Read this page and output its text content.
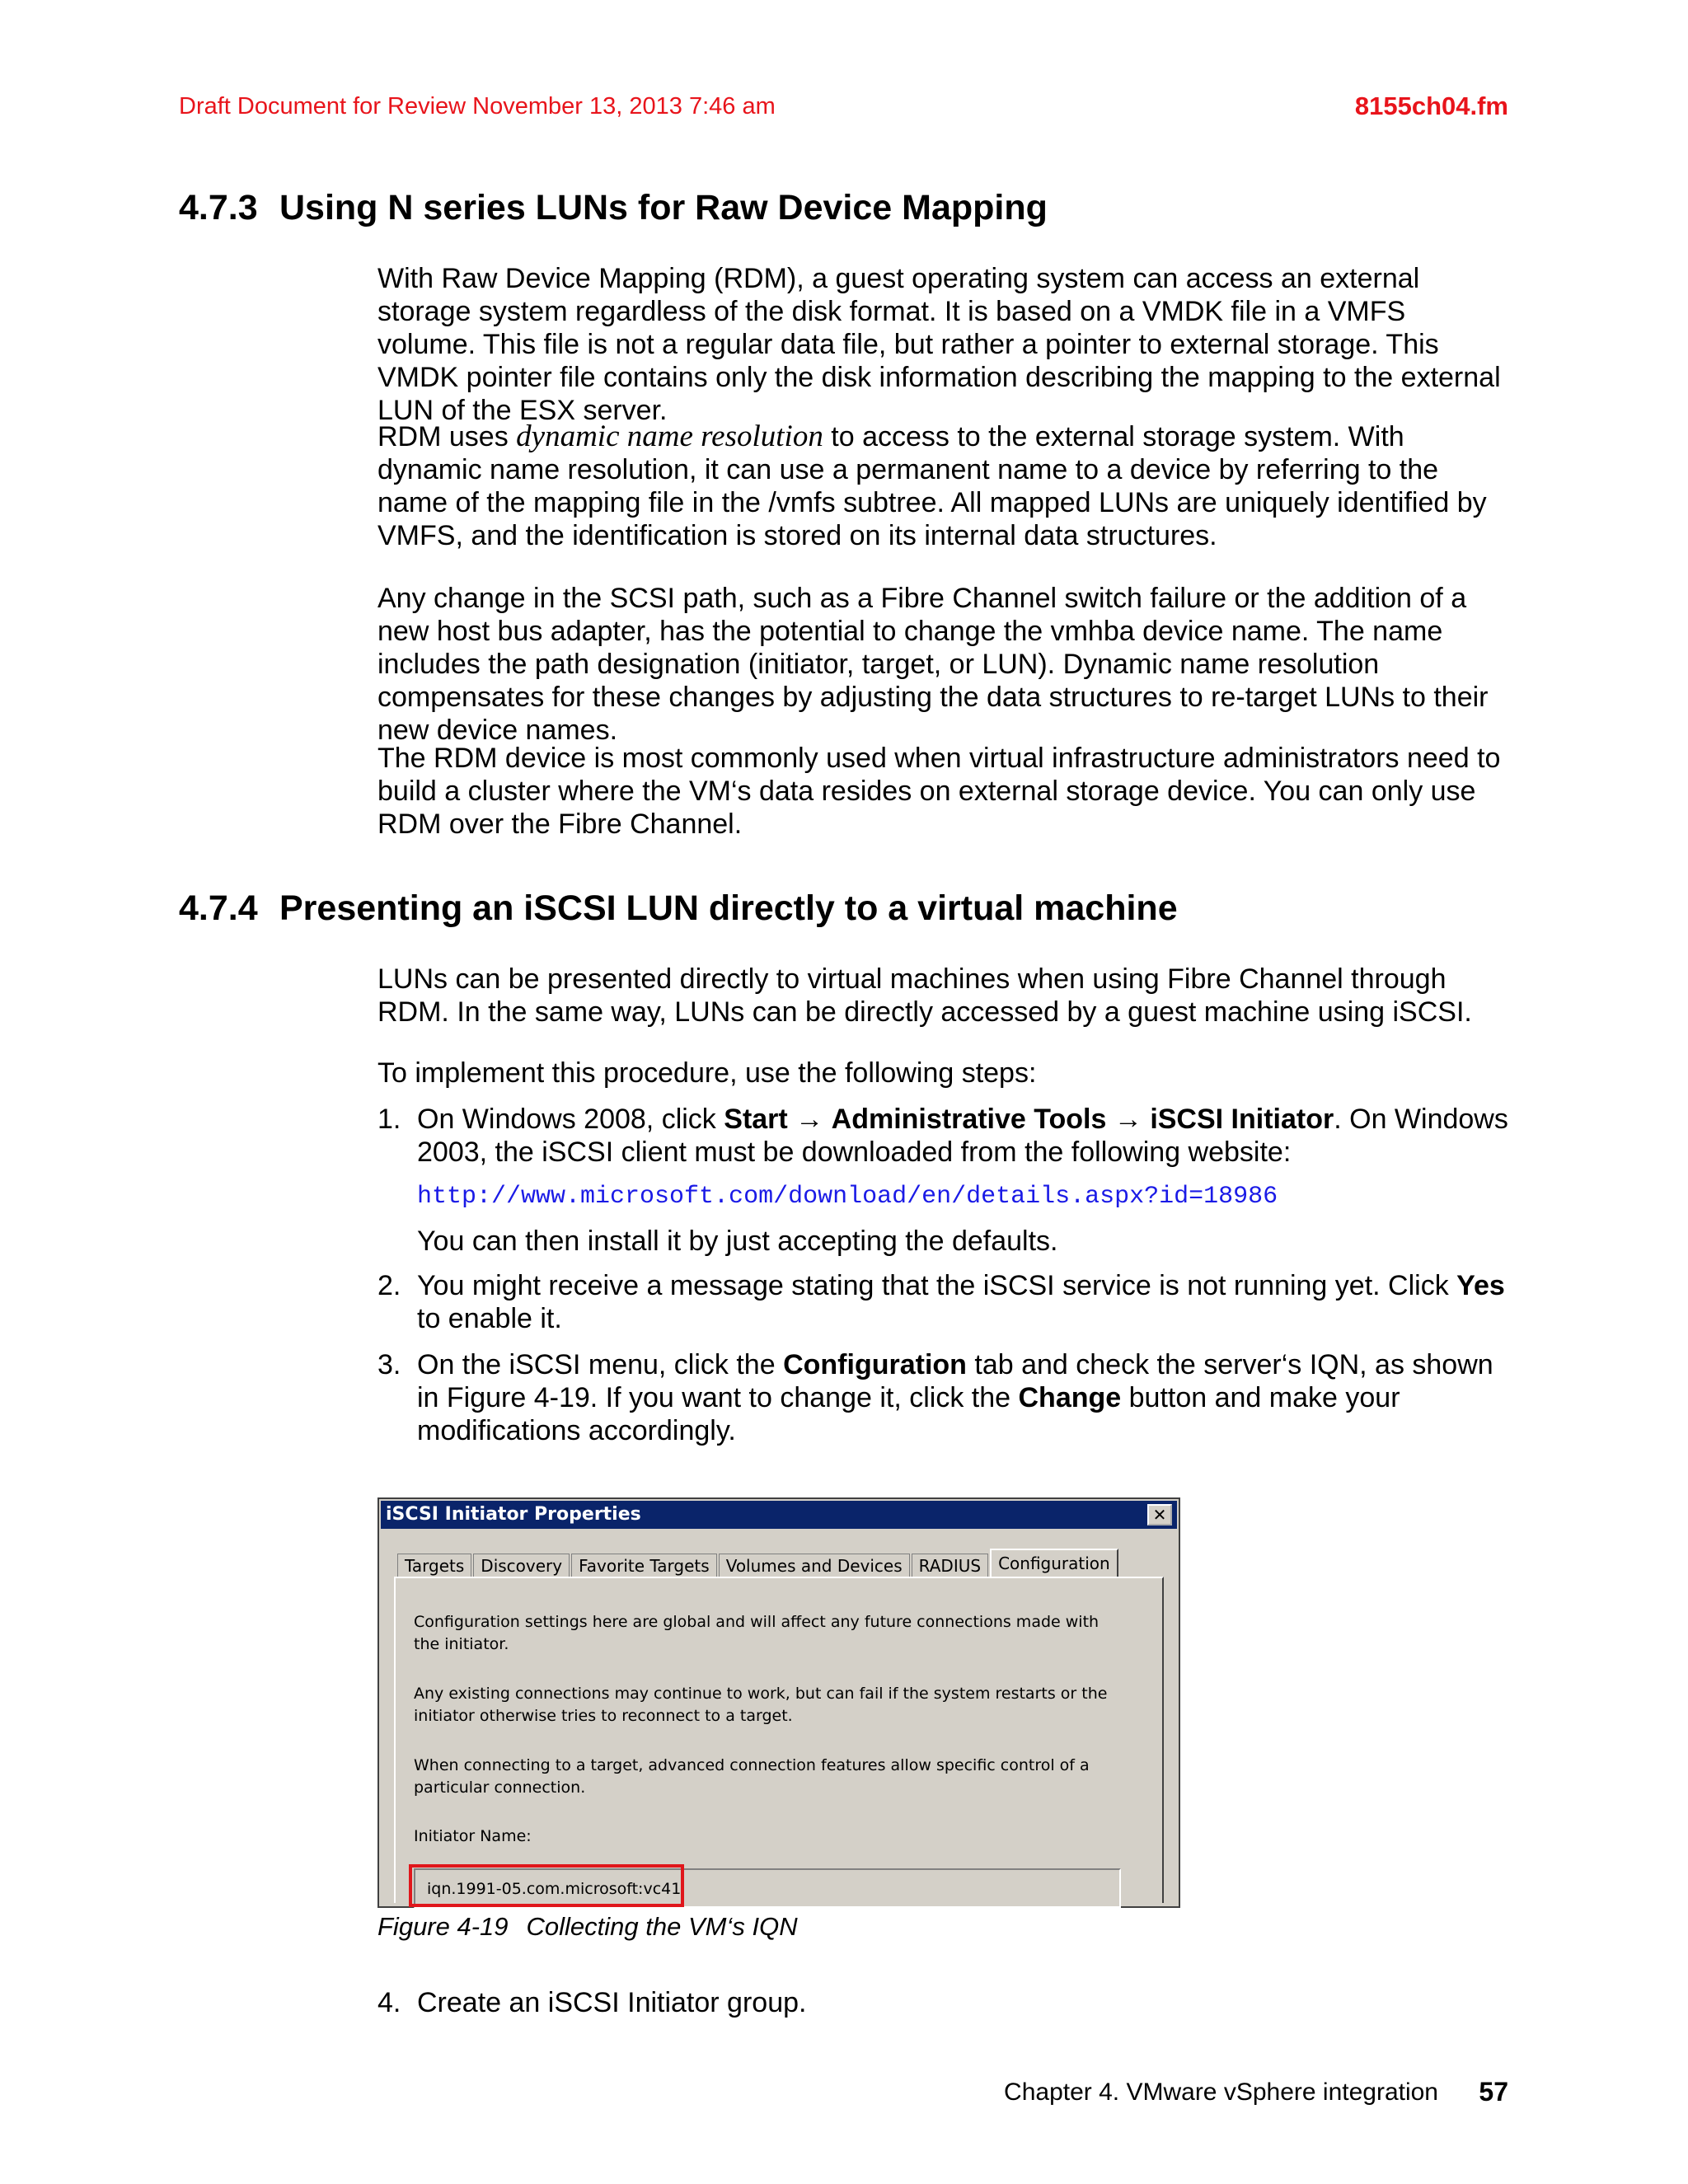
Draft Document for Review November 13, 2013 7:46 am	8155ch04.fm
4.7.3 Using N series LUNs for Raw Device Mapping

With Raw Device Mapping (RDM), a guest operating system can access an external storage system regardless of the disk format. It is based on a VMDK file in a VMFS volume. This file is not a regular data file, but rather a pointer to external storage. This VMDK pointer file contains only the disk information describing the mapping to the external LUN of the ESX server.

RDM uses dynamic name resolution to access to the external storage system. With dynamic name resolution, it can use a permanent name to a device by referring to the name of the mapping file in the /vmfs subtree. All mapped LUNs are uniquely identified by VMFS, and the identification is stored on its internal data structures.

Any change in the SCSI path, such as a Fibre Channel switch failure or the addition of a new host bus adapter, has the potential to change the vmhba device name. The name includes the path designation (initiator, target, or LUN). Dynamic name resolution compensates for these changes by adjusting the data structures to re-target LUNs to their new device names.

The RDM device is most commonly used when virtual infrastructure administrators need to build a cluster where the VM‘s data resides on external storage device. You can only use RDM over the Fibre Channel.

4.7.4 Presenting an iSCSI LUN directly to a virtual machine

LUNs can be presented directly to virtual machines when using Fibre Channel through RDM. In the same way, LUNs can be directly accessed by a guest machine using iSCSI.

To implement this procedure, use the following steps:

1. On Windows 2008, click Start → Administrative Tools → iSCSI Initiator. On Windows 2003, the iSCSI client must be downloaded from the following website:
http://www.microsoft.com/download/en/details.aspx?id=18986
You can then install it by just accepting the defaults.
2. You might receive a message stating that the iSCSI service is not running yet. Click Yes to enable it.
3. On the iSCSI menu, click the Configuration tab and check the server‘s IQN, as shown in Figure 4-19. If you want to change it, click the Change button and make your modifications accordingly.
iSCSI Initiator Properties	✕
Targets	Discovery	Favorite Targets	Volumes and Devices	RADIUS	Configuration
Configuration settings here are global and will affect any future connections made with the initiator.
Any existing connections may continue to work, but can fail if the system restarts or the initiator otherwise tries to reconnect to a target.
When connecting to a target, advanced connection features allow specific control of a particular connection.
Initiator Name:
iqn.1991-05.com.microsoft:vc41
Figure 4-19 Collecting the VM‘s IQN
4. Create an iSCSI Initiator group.
Chapter 4. VMware vSphere integration 57
